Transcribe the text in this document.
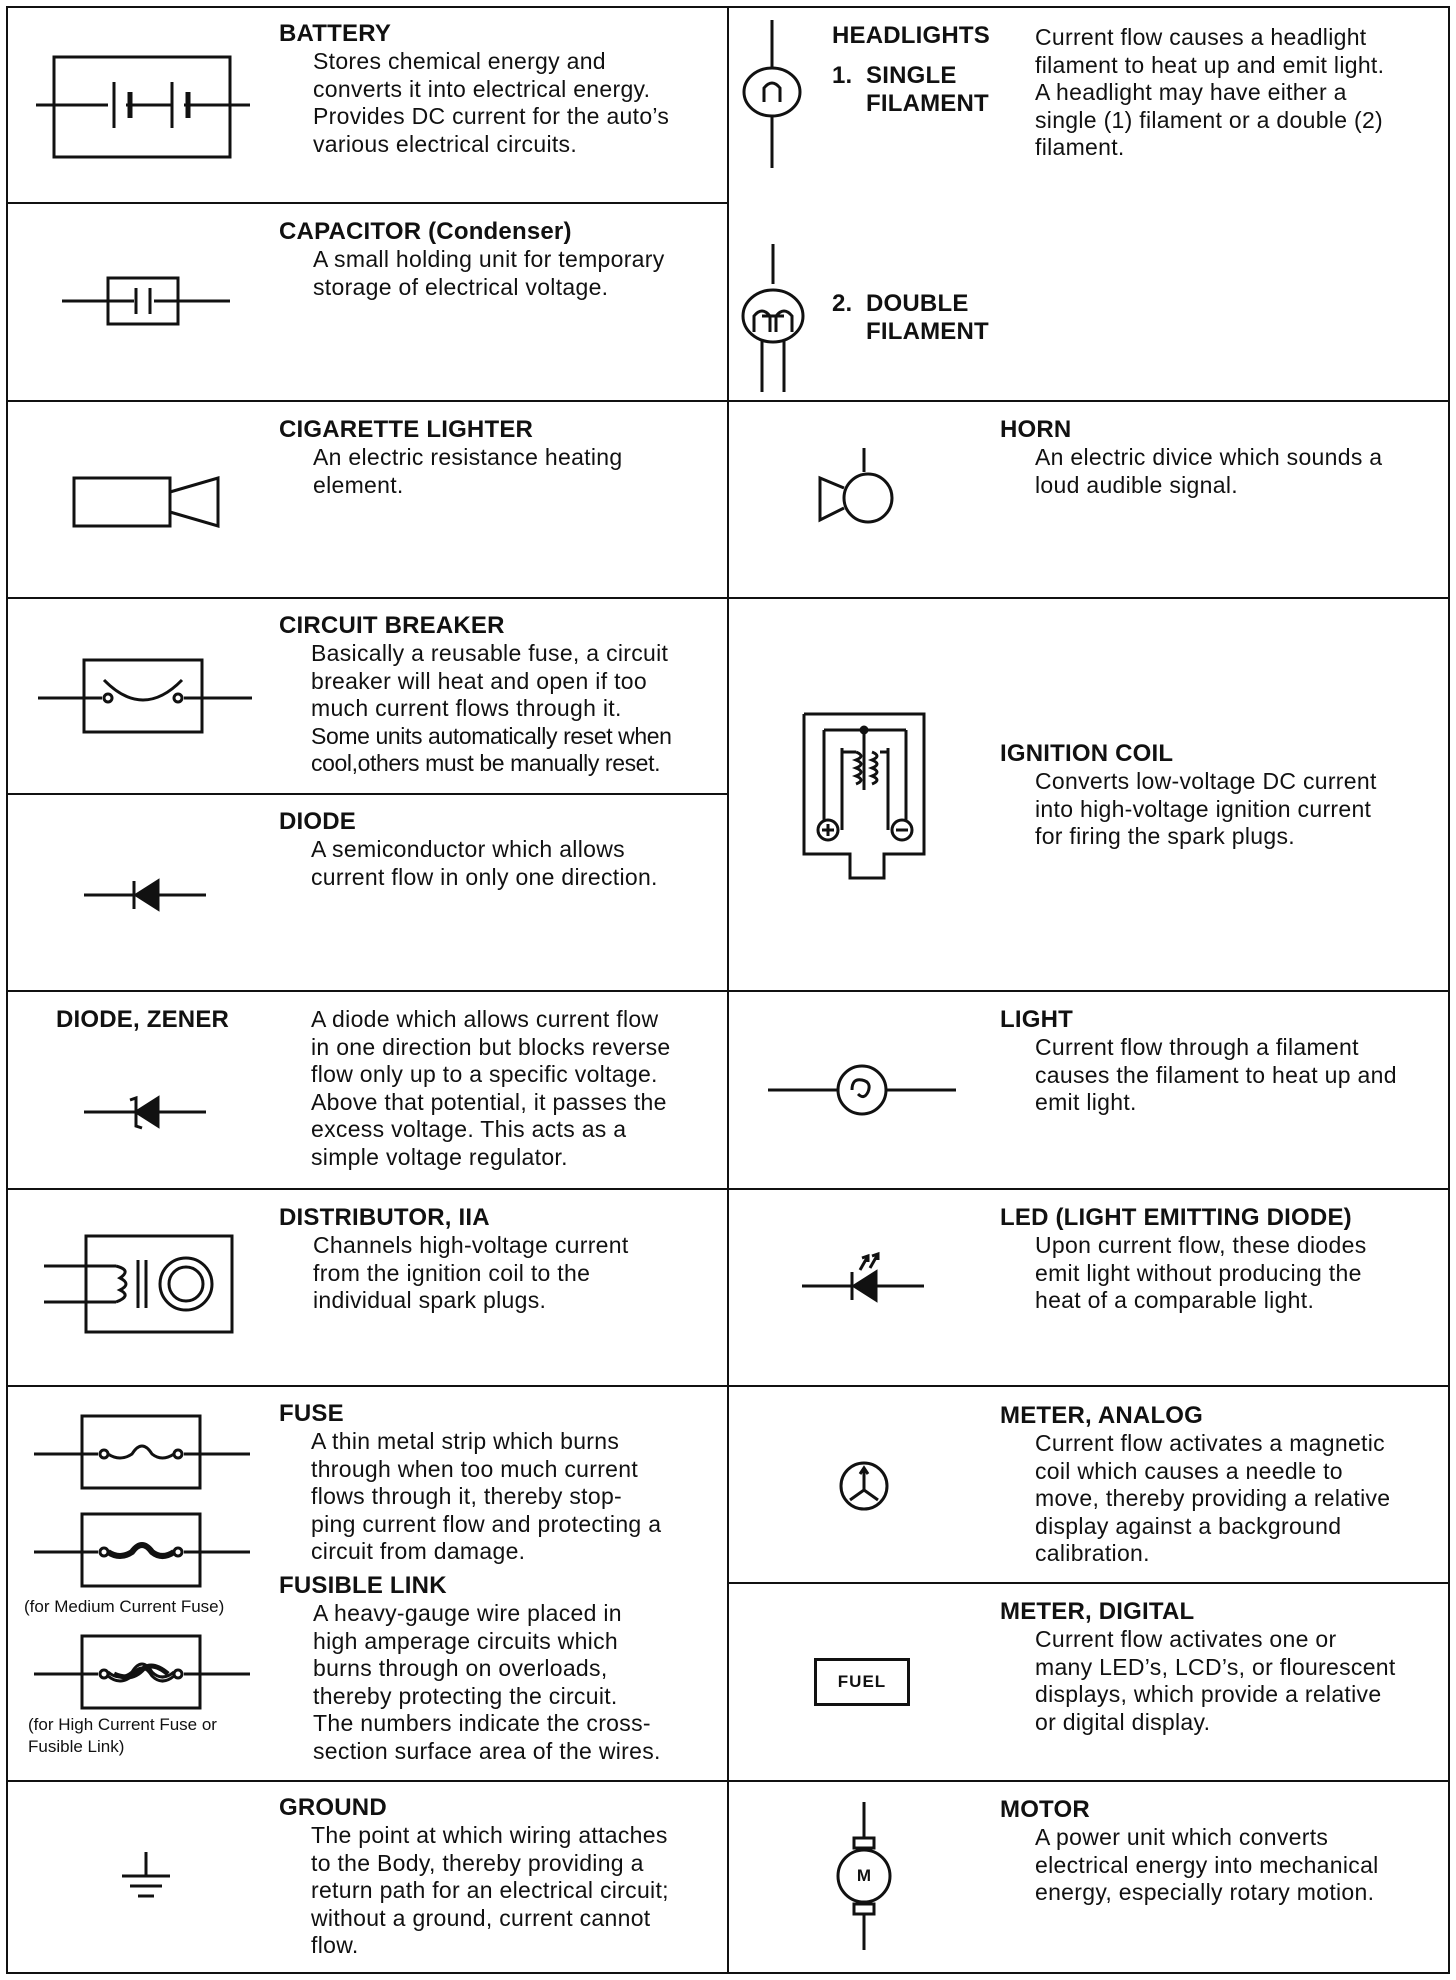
BATTERY
Stores chemical energy and
converts it into electrical energy.
Provides DC current for the auto’s
various electrical circuits.
CAPACITOR (Condenser)
A small holding unit for temporary
storage of electrical voltage.
CIGARETTE LIGHTER
An electric resistance heating
element.
CIRCUIT BREAKER
Basically a reusable fuse, a circuit
breaker will heat and open if too
much current flows through it.
Some units automatically reset when
cool,others must be manually reset.
DIODE
A semiconductor which allows
current flow in only one direction.
DIODE, ZENER	A diode which allows current flow
in one direction but blocks reverse
flow only up to a specific voltage.
Above that potential, it passes the
excess voltage. This acts as a
simple voltage regulator.
DISTRIBUTOR, IIA
Channels high-voltage current
from the ignition coil to the
individual spark plugs.
(for Medium Current Fuse)
(for High Current Fuse or
Fusible Link)
FUSE
A thin metal strip which burns
through when too much current
flows through it, thereby stop-
ping current flow and protecting a
circuit from damage.
FUSIBLE LINK
A heavy-gauge wire placed in
high amperage circuits which
burns through on overloads,
thereby protecting the circuit.
The numbers indicate the cross-
section surface area of the wires.
GROUND
The point at which wiring attaches
to the Body, thereby providing a
return path for an electrical circuit;
without a ground, current cannot
flow.
HEADLIGHTS
1. SINGLE
FILAMENT
2. DOUBLE
FILAMENT
Current flow causes a headlight
filament to heat up and emit light.
A headlight may have either a
single (1) filament or a double (2)
filament.
HORN
An electric divice which sounds a
loud audible signal.
IGNITION COIL
Converts low-voltage DC current
into high-voltage ignition current
for firing the spark plugs.
LIGHT
Current flow through a filament
causes the filament to heat up and
emit light.
LED (LIGHT EMITTING DIODE)
Upon current flow, these diodes
emit light without producing the
heat of a comparable light.
METER, ANALOG
Current flow activates a magnetic
coil which causes a needle to
move, thereby providing a relative
display against a background
calibration.
FUEL
METER, DIGITAL
Current flow activates one or
many LED’s, LCD’s, or flourescent
displays, which provide a relative
or digital display.
M
MOTOR
A power unit which converts
electrical energy into mechanical
energy, especially rotary motion.
